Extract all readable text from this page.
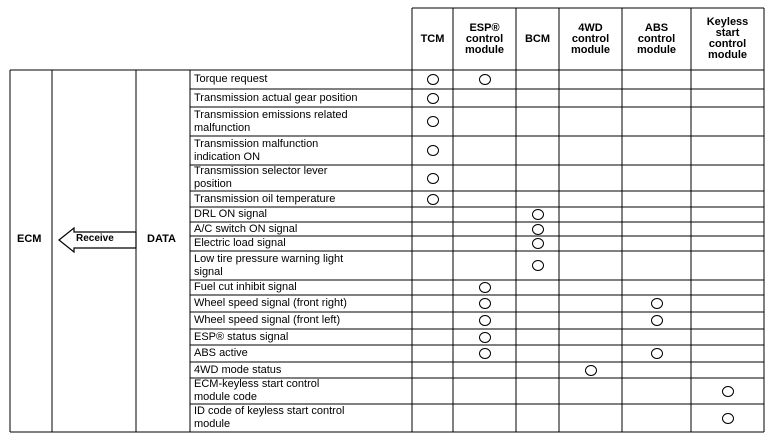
ECM	Receive	DATA
TCM
ESP®
control
module
BCM
4WD
control
module
ABS
control
module
Keyless
start
control
module
Torque request
Transmission actual gear position
Transmission emissions related
malfunction
Transmission malfunction
indication ON
Transmission selector lever
position
Transmission oil temperature
DRL ON signal
A/C switch ON signal
Electric load signal
Low tire pressure warning light
signal
Fuel cut inhibit signal
Wheel speed signal (front right)
Wheel speed signal (front left)
ESP® status signal
ABS active
4WD mode status
ECM-keyless start control
module code
ID code of keyless start control
module
